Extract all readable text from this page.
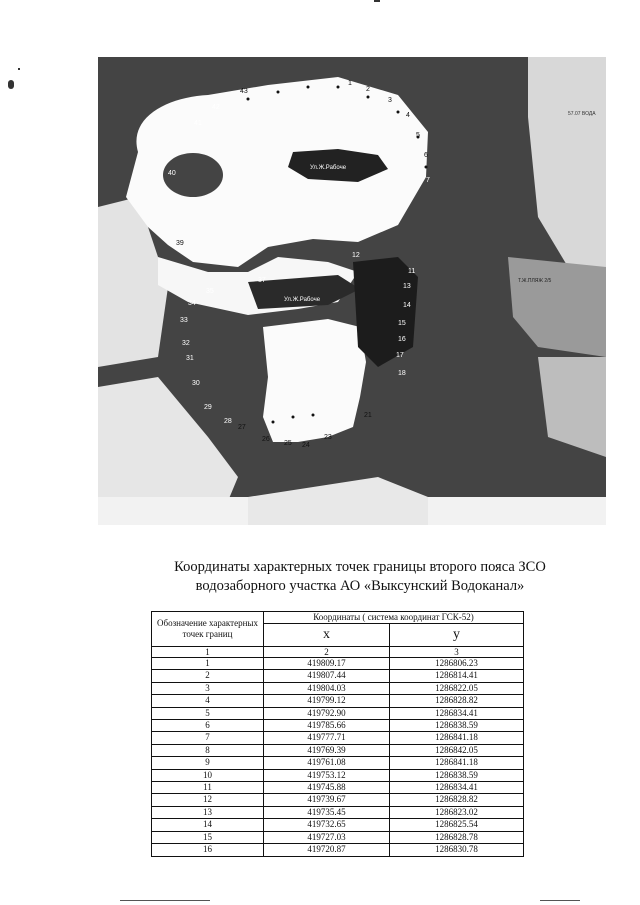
1
2
3
4
5
6
7
11
12
13
14
15
16
17
18
21
23
24
25
26
27
28
29
30
31
32
33
34
35
37
39
40
41
42
43
Ул.Ж.Рабоче
Ул.Ж.Рабоче
57.07 ВОДА
Т.Ж.ПЛЯЖ 2/5
Координаты характерных точек границы второго пояса ЗСО
водозаборного участка АО «Выксунский Водоканал»
Обозначение характерных точек границ	Координаты ( система координат ГСК-52)	
	х	у
1	2	3
1	419809.17	1286806.23
2	419807.44	1286814.41
3	419804.03	1286822.05
4	419799.12	1286828.82
5	419792.90	1286834.41
6	419785.66	1286838.59
7	419777.71	1286841.18
8	419769.39	1286842.05
9	419761.08	1286841.18
10	419753.12	1286838.59
11	419745.88	1286834.41
12	419739.67	1286828.82
13	419735.45	1286823.02
14	419732.65	1286825.54
15	419727.03	1286828.78
16	419720.87	1286830.78
